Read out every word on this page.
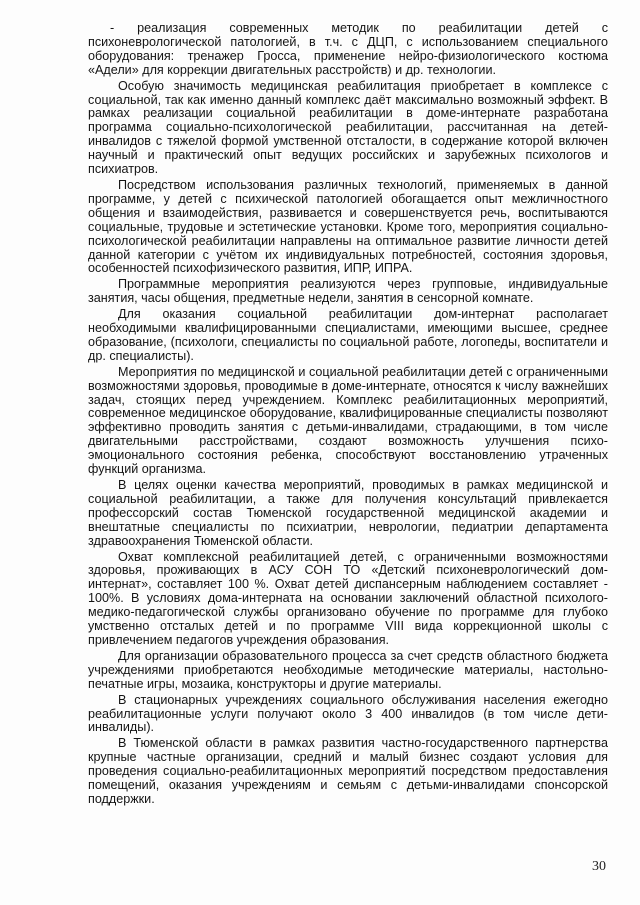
- реализация современных методик по реабилитации детей с психоневрологической патологией, в т.ч. с ДЦП, с использованием специального оборудования: тренажер Гросса, применение нейро-физиологического костюма «Адели» для коррекции двигательных расстройств) и др. технологии.

Особую значимость медицинская реабилитация приобретает в комплексе с социальной, так как именно данный комплекс даёт максимально возможный эффект. В рамках реализации социальной реабилитации в доме-интернате разработана программа социально-психологической реабилитации, рассчитанная на детей-инвалидов с тяжелой формой умственной отсталости, в содержание которой включен научный и практический опыт ведущих российских и зарубежных психологов и психиатров.

Посредством использования различных технологий, применяемых в данной программе, у детей с психической патологией обогащается опыт межличностного общения и взаимодействия, развивается и совершенствуется речь, воспитываются социальные, трудовые и эстетические установки. Кроме того, мероприятия социально-психологической реабилитации направлены на оптимальное развитие личности детей данной категории с учётом их индивидуальных потребностей, состояния здоровья, особенностей психофизического развития, ИПР, ИПРА.

Программные мероприятия реализуются через групповые, индивидуальные занятия, часы общения, предметные недели, занятия в сенсорной комнате.

Для оказания социальной реабилитации дом-интернат располагает необходимыми квалифицированными специалистами, имеющими высшее, среднее образование, (психологи, специалисты по социальной работе, логопеды, воспитатели и др. специалисты).

Мероприятия по медицинской и социальной реабилитации детей с ограниченными возможностями здоровья, проводимые в доме-интернате, относятся к числу важнейших задач, стоящих перед учреждением. Комплекс реабилитационных мероприятий, современное медицинское оборудование, квалифицированные специалисты позволяют эффективно проводить занятия с детьми-инвалидами, страдающими, в том числе двигательными расстройствами, создают возможность улучшения психо-эмоционального состояния ребенка, способствуют восстановлению утраченных функций организма.

В целях оценки качества мероприятий, проводимых в рамках медицинской и социальной реабилитации, а также для получения консультаций привлекается профессорский состав Тюменской государственной медицинской академии и внештатные специалисты по психиатрии, неврологии, педиатрии департамента здравоохранения Тюменской области.

Охват комплексной реабилитацией детей, с ограниченными возможностями здоровья, проживающих в АСУ СОН ТО «Детский психоневрологический дом-интернат», составляет 100 %. Охват детей диспансерным наблюдением составляет - 100%. В условиях дома-интерната на основании заключений областной психолого-медико-педагогической службы организовано обучение по программе для глубоко умственно отсталых детей и по программе VIII вида коррекционной школы с привлечением педагогов учреждения образования.

Для организации образовательного процесса за счет средств областного бюджета учреждениями приобретаются необходимые методические материалы, настольно-печатные игры, мозаика, конструкторы и другие материалы.

В стационарных учреждениях социального обслуживания населения ежегодно реабилитационные услуги получают около 3 400 инвалидов (в том числе дети-инвалиды).

В Тюменской области в рамках развития частно-государственного партнерства крупные частные организации, средний и малый бизнес создают условия для проведения социально-реабилитационных мероприятий посредством предоставления помещений, оказания учреждениям и семьям с детьми-инвалидами спонсорской поддержки.

30
